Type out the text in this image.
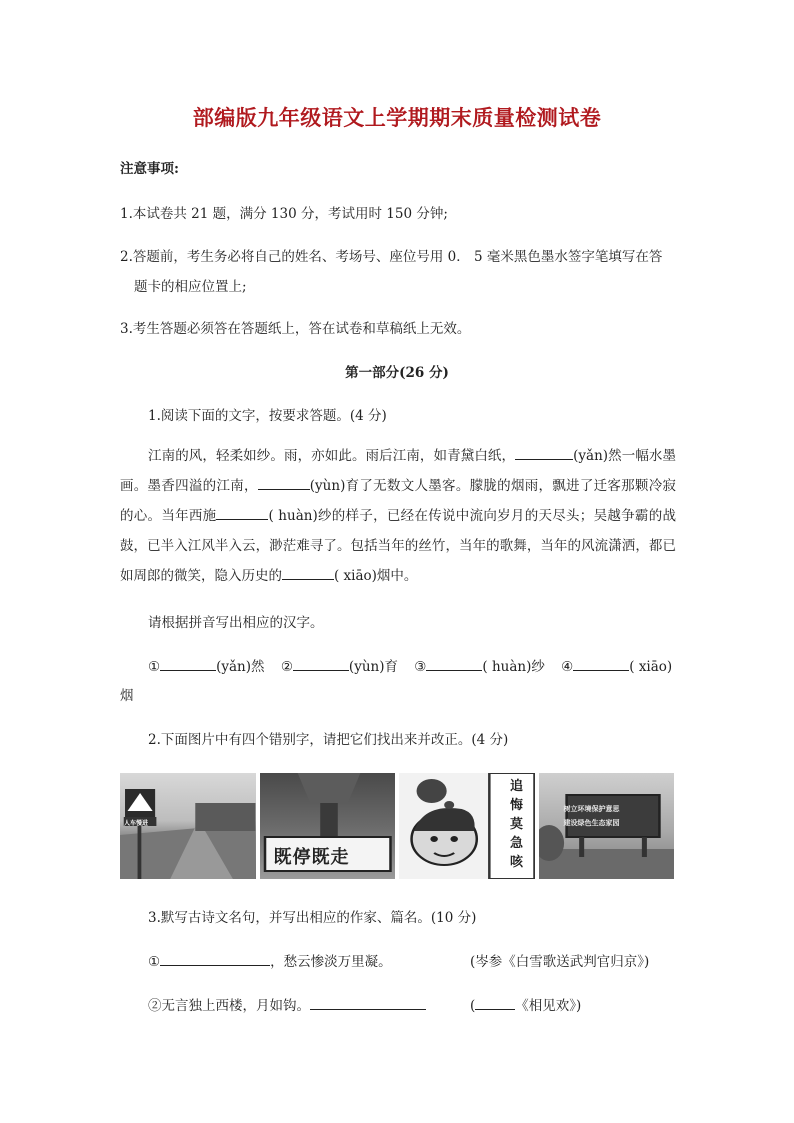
部编版九年级语文上学期期末质量检测试卷
注意事项:
1.本试卷共 21 题，满分 130 分，考试用时 150 分钟;
2.答题前，考生务必将自己的姓名、考场号、座位号用 0． 5 毫米黑色墨水签字笔填写在答
题卡的相应位置上;
3.考生答题必须答在答题纸上，答在试卷和草稿纸上无效。
第一部分(26 分)
1.阅读下面的文字，按要求答题。(4 分)
江南的风，轻柔如纱。雨，亦如此。雨后江南，如青黛白纸，	(yǎn)然一幅水墨画。墨香四溢的江南，	(yùn)育了无数文人墨客。朦胧的烟雨，飘进了迁客那颗冷寂的心。当年西施	( huàn)纱的样子，已经在传说中流向岁月的天尽头；吴越争霸的战鼓，已半入江风半入云，渺茫难寻了。包括当年的丝竹，当年的歌舞，当年的风流潇洒，都已如周郎的微笑，隐入历史的	( xiāo)烟中。
请根据拼音写出相应的汉字。
①	(yǎn)然 ②	(yùn)育 ③	( huàn)纱 ④	( xiāo)
烟
2.下面图片中有四个错别字，请把它们找出来并改正。(4 分)
人车慢进
既停既走
追
悔
莫
急
咳
树立环境保护意思
建设绿色生态家园
3.默写古诗文名句，并写出相应的作家、篇名。(10 分)
①	，愁云惨淡万里凝。	(岑参《白雪歌送武判官归京》)
②无言独上西楼，月如钩。	(	《相见欢》)
